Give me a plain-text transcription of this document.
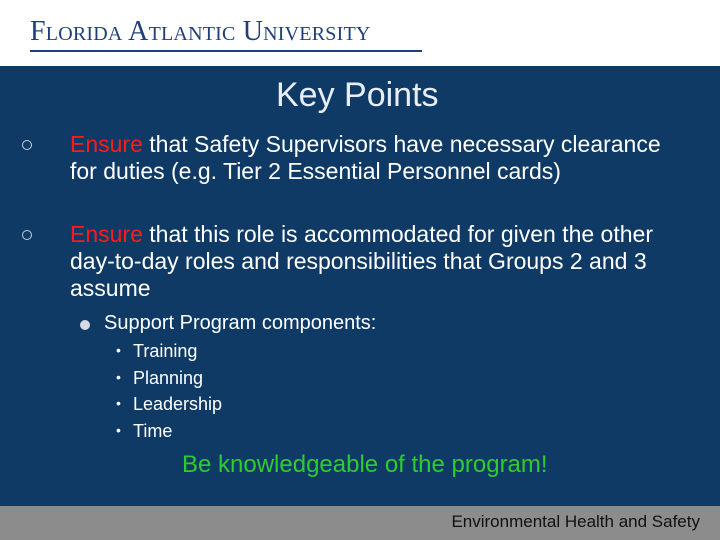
Florida Atlantic University
Key Points
Ensure that Safety Supervisors have necessary clearance for duties (e.g. Tier 2 Essential Personnel cards)
Ensure that this role is accommodated for given the other day-to-day roles and responsibilities that Groups 2 and 3 assume
Support Program components:
• Training
• Planning
• Leadership
• Time
Be knowledgeable of the program!
Environmental Health and Safety
